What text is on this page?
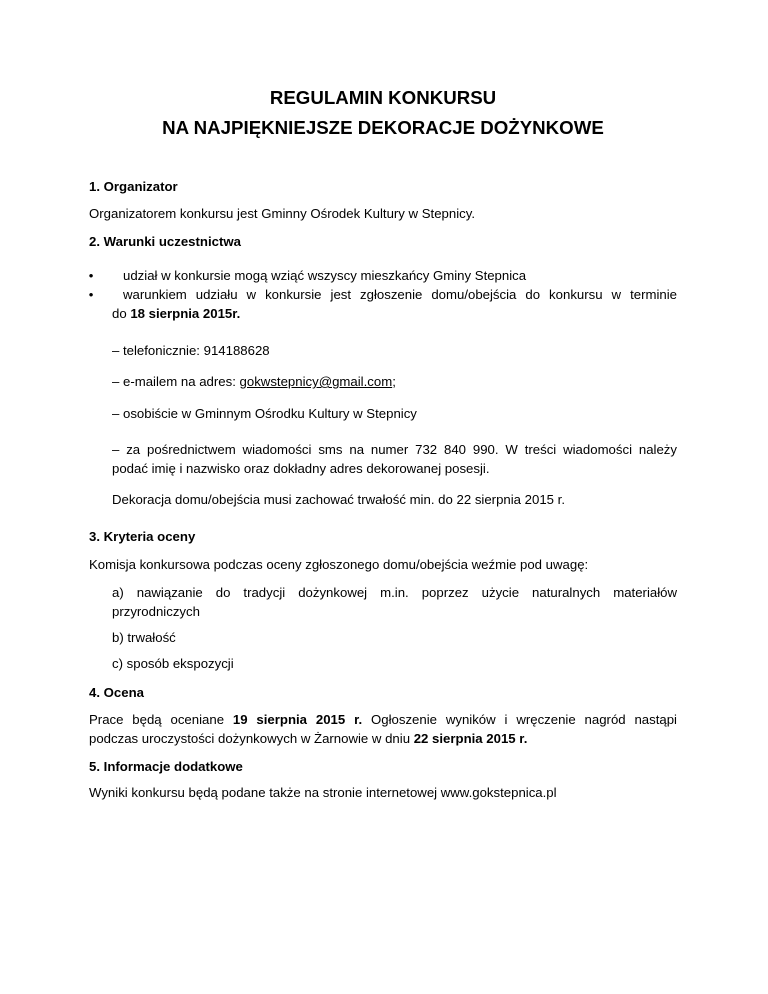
REGULAMIN KONKURSU
NA NAJPIĘKNIEJSZE DEKORACJE DOŻYNKOWE
1. Organizator
Organizatorem konkursu jest Gminny Ośrodek Kultury w Stepnicy.
2. Warunki uczestnictwa
•	udział w konkursie mogą wziąć wszyscy mieszkańcy Gminy Stepnica
•	warunkiem udziału w konkursie jest zgłoszenie domu/obejścia do konkursu w terminie
do 18 sierpnia 2015r.
– telefonicznie: 914188628
– e-mailem na adres: gokwstepnicy@gmail.com;
– osobiście w Gminnym Ośrodku Kultury w Stepnicy
– za pośrednictwem wiadomości sms na numer 732 840 990. W treści wiadomości należy
podać imię i nazwisko oraz dokładny adres dekorowanej posesji.
Dekoracja domu/obejścia musi zachować trwałość min. do 22 sierpnia 2015 r.
3. Kryteria oceny
Komisja konkursowa podczas oceny zgłoszonego domu/obejścia weźmie pod uwagę:
a) nawiązanie do tradycji dożynkowej m.in. poprzez użycie naturalnych materiałów
przyrodniczych
b) trwałość
c) sposób ekspozycji
4. Ocena
Prace będą oceniane 19 sierpnia 2015 r. Ogłoszenie wyników i wręczenie nagród nastąpi
podczas uroczystości dożynkowych w Żarnowie w dniu 22 sierpnia 2015 r.
5. Informacje dodatkowe
Wyniki konkursu będą podane także na stronie internetowej www.gokstepnica.pl
